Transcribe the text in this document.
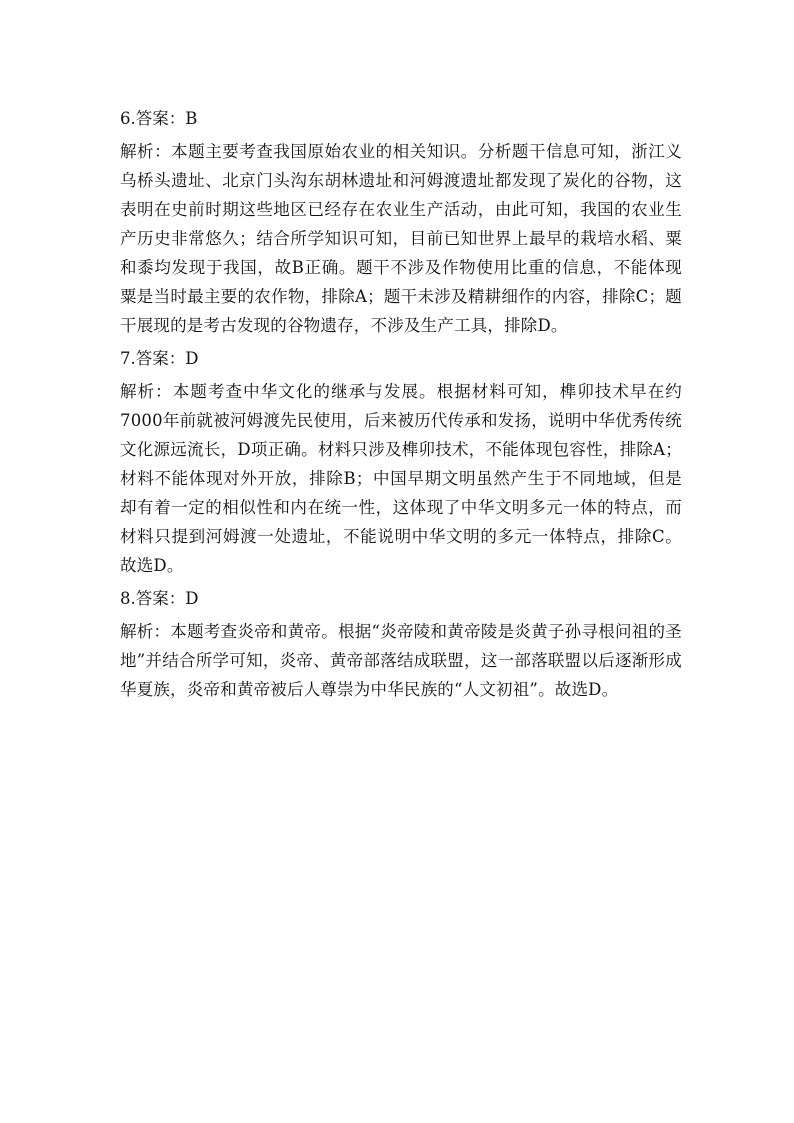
6.答案：B

解析：本题主要考查我国原始农业的相关知识。分析题干信息可知，浙江义乌桥头遗址、北京门头沟东胡林遗址和河姆渡遗址都发现了炭化的谷物，这表明在史前时期这些地区已经存在农业生产活动，由此可知，我国的农业生产历史非常悠久；结合所学知识可知，目前已知世界上最早的栽培水稻、粟和黍均发现于我国，故B正确。题干不涉及作物使用比重的信息，不能体现粟是当时最主要的农作物，排除A；题干未涉及精耕细作的内容，排除C；题干展现的是考古发现的谷物遗存，不涉及生产工具，排除D。

7.答案：D

解析：本题考查中华文化的继承与发展。根据材料可知，榫卯技术早在约7000年前就被河姆渡先民使用，后来被历代传承和发扬，说明中华优秀传统文化源远流长，D项正确。材料只涉及榫卯技术，不能体现包容性，排除A；材料不能体现对外开放，排除B；中国早期文明虽然产生于不同地域，但是却有着一定的相似性和内在统一性，这体现了中华文明多元一体的特点，而材料只提到河姆渡一处遗址，不能说明中华文明的多元一体特点，排除C。故选D。

8.答案：D

解析：本题考查炎帝和黄帝。根据“炎帝陵和黄帝陵是炎黄子孙寻根问祖的圣地”并结合所学可知，炎帝、黄帝部落结成联盟，这一部落联盟以后逐渐形成华夏族，炎帝和黄帝被后人尊崇为中华民族的“人文初祖”。故选D。
